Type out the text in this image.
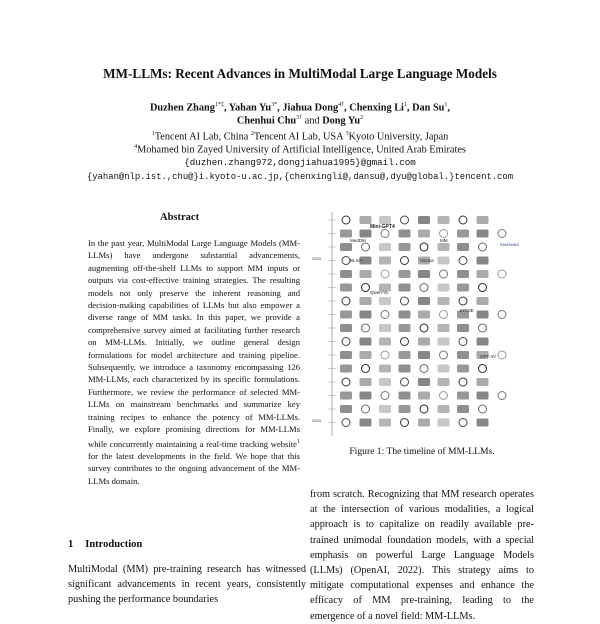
MM-LLMs: Recent Advances in MultiModal Large Language Models
Duzhen Zhang$^{1*\ddagger}$, Yahan $Yu^{3*}$, Jiahua Dong$^{4\dagger}$, Chenxing Li$^1$, Dan Su$^1$,
Chenhui Chu$^{3\dagger}$ and Dong Yu$^2$
$^1$Tencent AI Lab, China $^2$Tencent AI Lab, USA $^3$Kyoto University, Japan
$^4$Mohamed bin Zayed University of Artificial Intelligence, United Arab Emirates
{duzhen.zhang972,dongjiahua1995}@gmail.com
{yahan@nlp.ist.,chu@}i.kyoto-u.ac.jp,{chenxingli@,dansu@,dyu@global.}tencent.com
Abstract
In the past year, MultiModal Large Language Models (MM-LLMs) have undergone substantial advancements, augmenting off-the-shelf LLMs to support MM inputs or outputs via cost-effective training strategies. The resulting models not only preserve the inherent reasoning and decision-making capabilities of LLMs but also empower a diverse range of MM tasks. In this paper, we provide a comprehensive survey aimed at facilitating further research on MM-LLMs. Initially, we outline general design formulations for model architecture and training pipeline. Subsequently, we introduce a taxonomy encompassing 126 MM-LLMs, each characterized by its specific formulations. Furthermore, we review the performance of selected MM-LLMs on mainstream benchmarks and summarize key training recipes to enhance the potency of MM-LLMs. Finally, we explore promising directions for MM-LLMs while concurrently maintaining a real-time tracking website$^1$ for the latest developments in the field. We hope that this survey contributes to the ongoing advancement of the MM-LLMs domain.
2024
2023
Mini-GPT4
MedDM	MM
BLIVA	Vicuna
Qwen-VL
ERNIE
SAMSUNG
GPT-4V
Figure 1: The timeline of MM-LLMs.
1 Introduction
MultiModal (MM) pre-training research has witnessed significant advancements in recent years, consistently pushing the performance boundaries
from scratch. Recognizing that MM research operates at the intersection of various modalities, a logical approach is to capitalize on readily available pre-trained unimodal foundation models, with a special emphasis on powerful Large Language Models (LLMs) (OpenAI, 2022). This strategy aims to mitigate computational expenses and enhance the efficacy of MM pre-training, leading to the emergence of a novel field: MM-LLMs.
